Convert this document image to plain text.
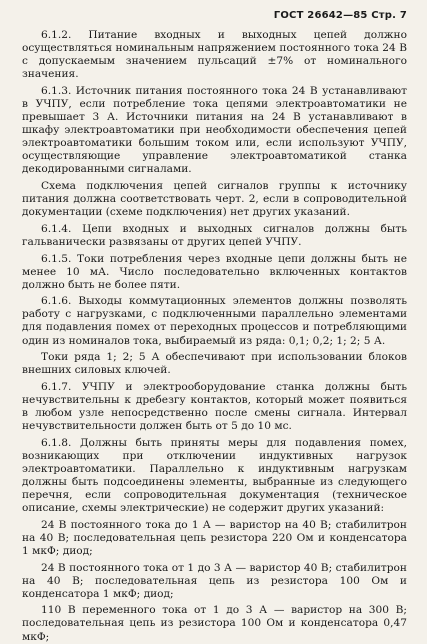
ГОСТ 26642—85 Стр. 7

6.1.2. Питание входных и выходных цепей должно осуществляться номинальным напряжением постоянного тока 24 В с допускаемым значением пульсаций ±7% от номинального значения.

6.1.3. Источник питания постоянного тока 24 В устанавливают в УЧПУ, если потребление тока цепями электроавтоматики не превышает 3 А. Источники питания на 24 В устанавливают в шкафу электроавтоматики при необходимости обеспечения цепей электроавтоматики большим током или, если используют УЧПУ, осуществляющие управление электроавтоматикой станка декодированными сигналами.

Схема подключения цепей сигналов группы к источнику питания должна соответствовать черт. 2, если в сопроводительной документации (схеме подключения) нет других указаний.

6.1.4. Цепи входных и выходных сигналов должны быть гальванически развязаны от других цепей УЧПУ.

6.1.5. Токи потребления через входные цепи должны быть не менее 10 мА. Число последовательно включенных контактов должно быть не более пяти.

6.1.6. Выходы коммутационных элементов должны позволять работу с нагрузками, с подключенными параллельно элементами для подавления помех от переходных процессов и потребляющими один из номиналов тока, выбираемый из ряда: 0,1; 0,2; 1; 2; 5 А.

Токи ряда 1; 2; 5 А обеспечивают при использовании блоков внешних силовых ключей.

6.1.7. УЧПУ и электрооборудование станка должны быть нечувствительны к дребезгу контактов, который может появиться в любом узле непосредственно после смены сигнала. Интервал нечувствительности должен быть от 5 до 10 мс.

6.1.8. Должны быть приняты меры для подавления помех, возникающих при отключении индуктивных нагрузок электроавтоматики. Параллельно к индуктивным нагрузкам должны быть подсоединены элементы, выбранные из следующего перечня, если сопроводительная документация (техническое описание, схемы электрические) не содержит других указаний:

24 В постоянного тока до 1 А — варистор на 40 В; стабилитрон на 40 В; последовательная цепь резистора 220 Ом и конденсатора 1 мкФ; диод;

24 В постоянного тока от 1 до 3 А — варистор 40 В; стабилитрон на 40 В; последовательная цепь из резистора 100 Ом и конденсатора 1 мкФ; диод;

110 В переменного тока от 1 до 3 А — варистор на 300 В; последовательная цепь из резистора 100 Ом и конденсатора 0,47 мкФ;
